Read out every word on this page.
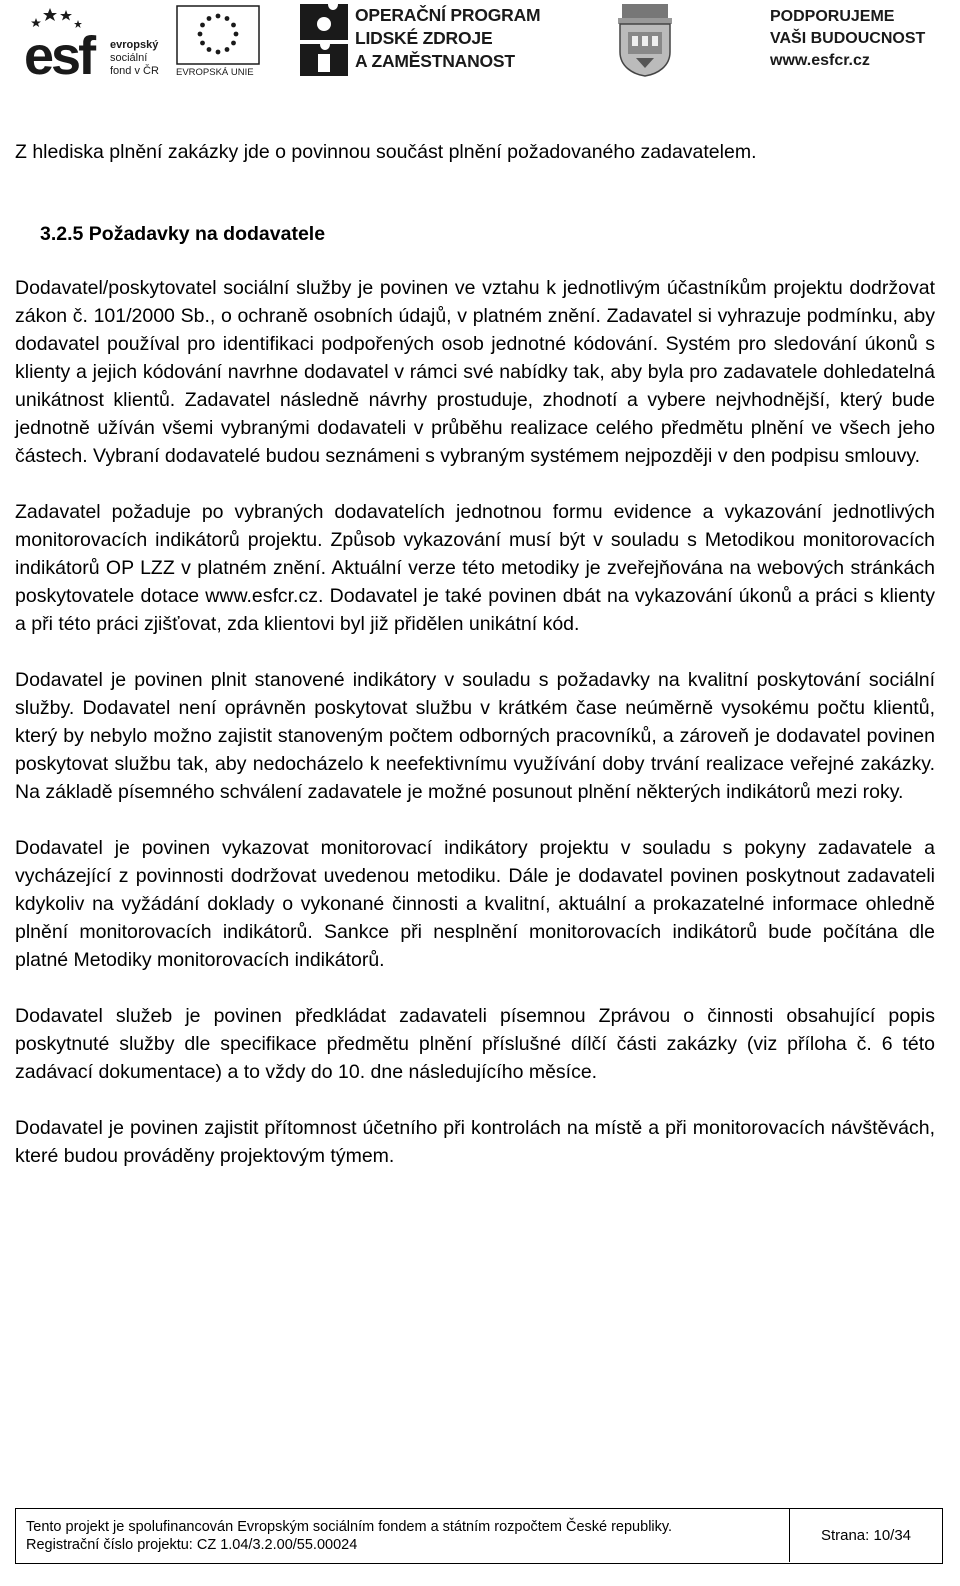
esf	evropský
sociální
fond v ČR EVROPSKÁ UNIE
OPERAČNÍ PROGRAM
LIDSKÉ ZDROJE
A ZAMĚSTNANOST
PODPORUJEME
VAŠI BUDOUCNOST
www.esfcr.cz

Z hlediska plnění zakázky jde o povinnou součást plnění požadovaného zadavatelem.

3.2.5 Požadavky na dodavatele

Dodavatel/poskytovatel sociální služby je povinen ve vztahu k jednotlivým účastníkům projektu dodržovat zákon č. 101/2000 Sb., o ochraně osobních údajů, v platném znění. Zadavatel si vyhrazuje podmínku, aby dodavatel používal pro identifikaci podpořených osob jednotné kódování. Systém pro sledování úkonů s klienty a jejich kódování navrhne dodavatel v rámci své nabídky tak, aby byla pro zadavatele dohledatelná unikátnost klientů. Zadavatel následně návrhy prostuduje, zhodnotí a vybere nejvhodnější, který bude jednotně užíván všemi vybranými dodavateli v průběhu realizace celého předmětu plnění ve všech jeho částech. Vybraní dodavatelé budou seznámeni s vybraným systémem nejpozději v den podpisu smlouvy.

Zadavatel požaduje po vybraných dodavatelích jednotnou formu evidence a vykazování jednotlivých monitorovacích indikátorů projektu. Způsob vykazování musí být v souladu s Metodikou monitorovacích indikátorů OP LZZ v platném znění. Aktuální verze této metodiky je zveřejňována na webových stránkách poskytovatele dotace www.esfcr.cz. Dodavatel je také povinen dbát na vykazování úkonů a práci s klienty a při této práci zjišťovat, zda klientovi byl již přidělen unikátní kód.

Dodavatel je povinen plnit stanovené indikátory v souladu s požadavky na kvalitní poskytování sociální služby. Dodavatel není oprávněn poskytovat službu v krátkém čase neúměrně vysokému počtu klientů, který by nebylo možno zajistit stanoveným počtem odborných pracovníků, a zároveň je dodavatel povinen poskytovat službu tak, aby nedocházelo k neefektivnímu využívání doby trvání realizace veřejné zakázky. Na základě písemného schválení zadavatele je možné posunout plnění některých indikátorů mezi roky.

Dodavatel je povinen vykazovat monitorovací indikátory projektu v souladu s pokyny zadavatele a vycházející z povinnosti dodržovat uvedenou metodiku. Dále je dodavatel povinen poskytnout zadavateli kdykoliv na vyžádání doklady o vykonané činnosti a kvalitní, aktuální a prokazatelné informace ohledně plnění monitorovacích indikátorů. Sankce při nesplnění monitorovacích indikátorů bude počítána dle platné Metodiky monitorovacích indikátorů.

Dodavatel služeb je povinen předkládat zadavateli písemnou Zprávou o činnosti obsahující popis poskytnuté služby dle specifikace předmětu plnění příslušné dílčí části zakázky (viz příloha č. 6 této zadávací dokumentace) a to vždy do 10. dne následujícího měsíce.

Dodavatel je povinen zajistit přítomnost účetního při kontrolách na místě a při monitorovacích návštěvách, které budou prováděny projektovým týmem.

Tento projekt je spolufinancován Evropským sociálním fondem a státním rozpočtem České republiky.
Registrační číslo projektu: CZ 1.04/3.2.00/55.00024
Strana: 10/34
